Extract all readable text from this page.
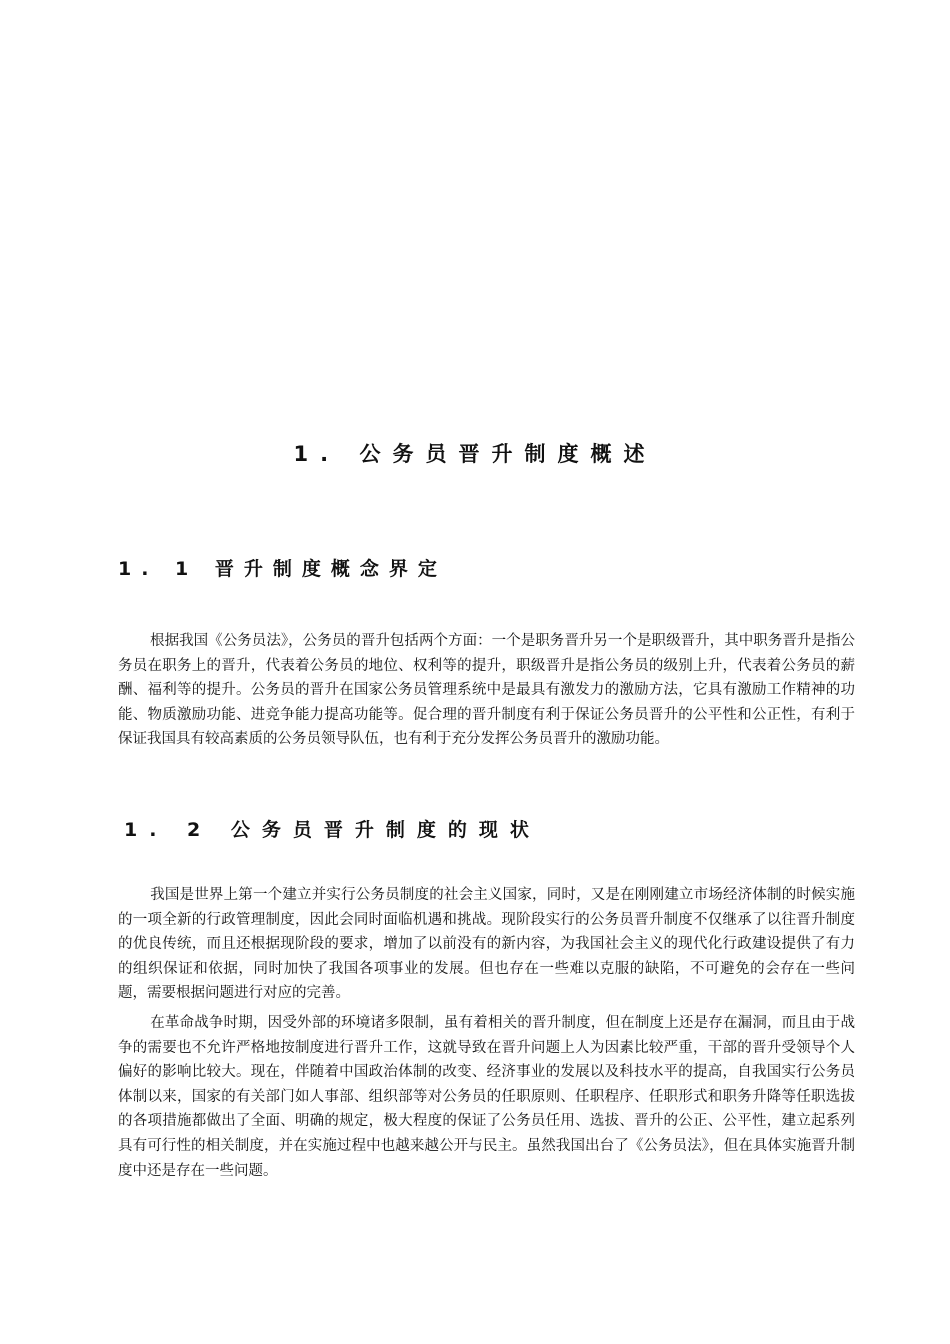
1. 公务员晋升制度概述
1. 1 晋升制度概念界定

根据我国《公务员法》，公务员的晋升包括两个方面：一个是职务晋升另一个是职级晋升，其中职务晋升是指公务员在职务上的晋升，代表着公务员的地位、权利等的提升，职级晋升是指公务员的级别上升，代表着公务员的薪酬、福利等的提升。公务员的晋升在国家公务员管理系统中是最具有激发力的激励方法，它具有激励工作精神的功能、物质激励功能、进竞争能力提高功能等。促合理的晋升制度有利于保证公务员晋升的公平性和公正性，有利于保证我国具有较高素质的公务员领导队伍，也有利于充分发挥公务员晋升的激励功能。

1. 2 公务员晋升制度的现状

我国是世界上第一个建立并实行公务员制度的社会主义国家，同时，又是在刚刚建立市场经济体制的时候实施的一项全新的行政管理制度，因此会同时面临机遇和挑战。现阶段实行的公务员晋升制度不仅继承了以往晋升制度的优良传统，而且还根据现阶段的要求，增加了以前没有的新内容，为我国社会主义的现代化行政建设提供了有力的组织保证和依据，同时加快了我国各项事业的发展。但也存在一些难以克服的缺陷，不可避免的会存在一些问题，需要根据问题进行对应的完善。

在革命战争时期，因受外部的环境诸多限制，虽有着相关的晋升制度，但在制度上还是存在漏洞，而且由于战争的需要也不允许严格地按制度进行晋升工作，这就导致在晋升问题上人为因素比较严重，干部的晋升受领导个人偏好的影响比较大。现在，伴随着中国政治体制的改变、经济事业的发展以及科技水平的提高，自我国实行公务员体制以来，国家的有关部门如人事部、组织部等对公务员的任职原则、任职程序、任职形式和职务升降等任职选拔的各项措施都做出了全面、明确的规定，极大程度的保证了公务员任用、选拔、晋升的公正、公平性，建立起系列具有可行性的相关制度，并在实施过程中也越来越公开与民主。虽然我国出台了《公务员法》，但在具体实施晋升制度中还是存在一些问题。
